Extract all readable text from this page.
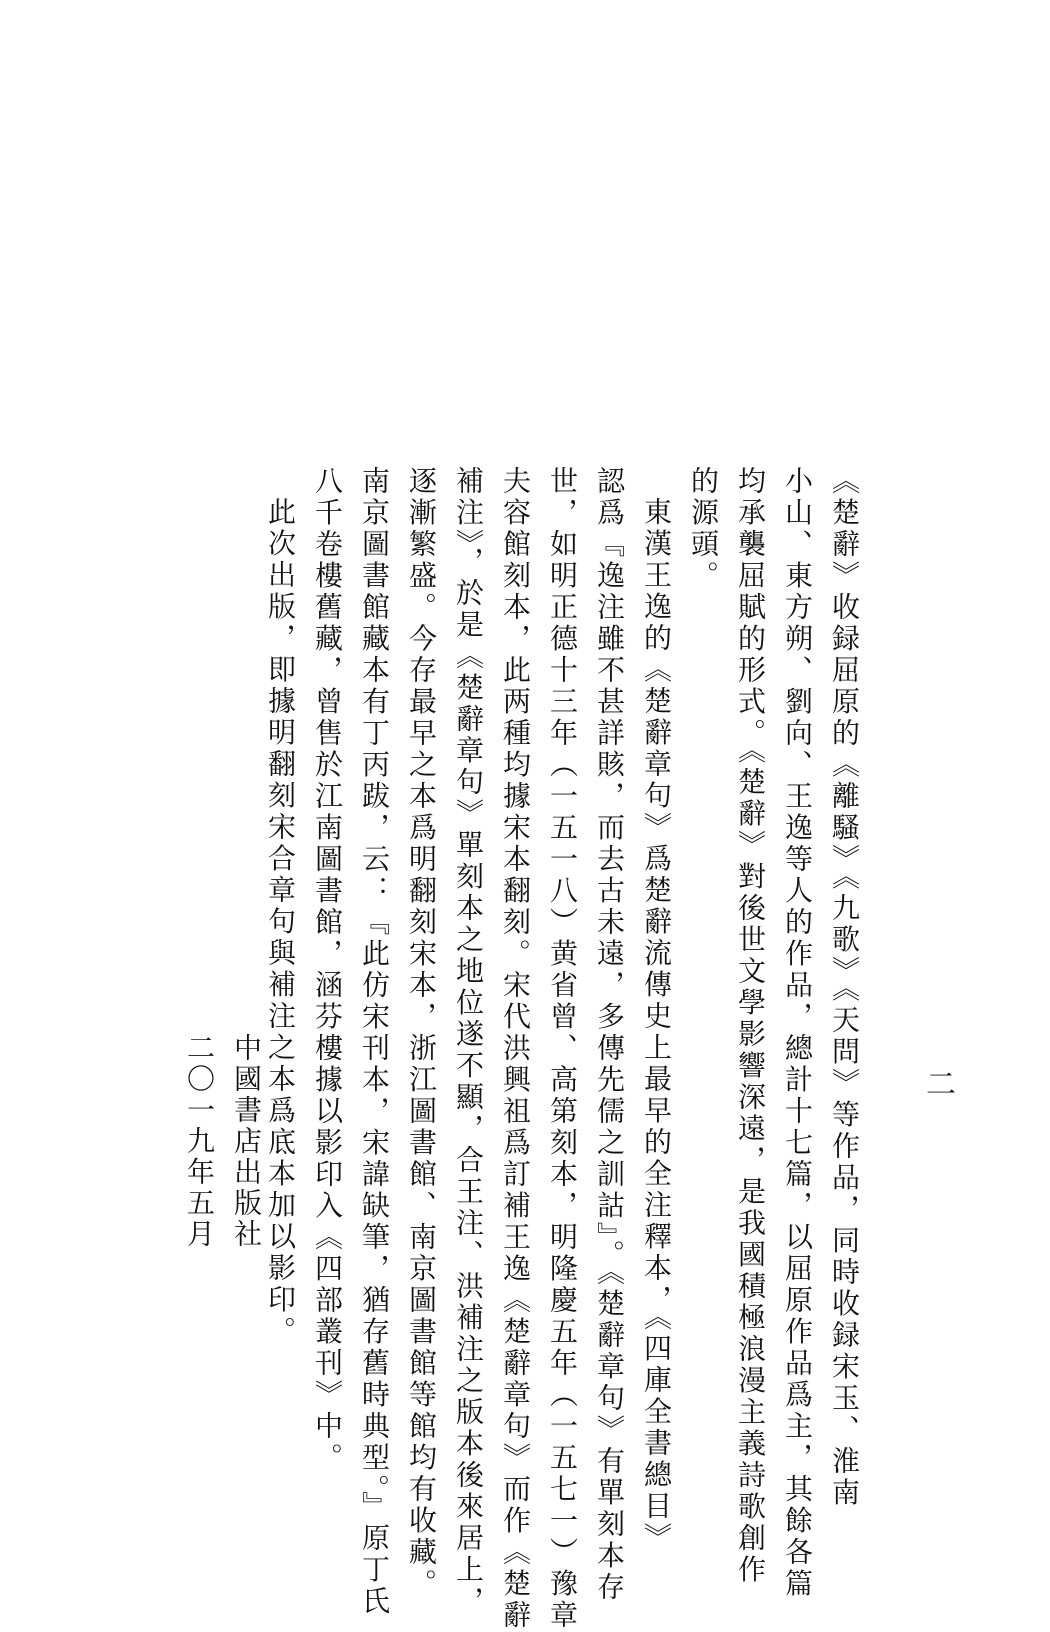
二
《楚辭》收録屈原的《離騷》《九歌》《天問》等作品，同時收録宋玉、淮南
小山、東方朔、劉向、王逸等人的作品，總計十七篇，以屈原作品爲主，其餘各篇
均承襲屈賦的形式。《楚辭》對後世文學影響深遠，是我國積極浪漫主義詩歌創作
的源頭。
東漢王逸的《楚辭章句》爲楚辭流傳史上最早的全注釋本，《四庫全書總目》
認爲『逸注雖不甚詳賅，而去古未遠，多傳先儒之訓詁』。《楚辭章句》有單刻本存
世，如明正德十三年（一五一八）黄省曾、高第刻本，明隆慶五年（一五七一）豫章
夫容館刻本，此两種均據宋本翻刻。宋代洪興祖爲訂補王逸《楚辭章句》而作《楚辭
補注》，於是《楚辭章句》單刻本之地位遂不顯，合王注、洪補注之版本後來居上，
逐漸繁盛。今存最早之本爲明翻刻宋本，浙江圖書館、南京圖書館等館均有收藏。
南京圖書館藏本有丁丙跋，云：『此仿宋刊本，宋諱缺筆，猶存舊時典型。』原丁氏
八千卷樓舊藏，曾售於江南圖書館，涵芬樓據以影印入《四部叢刊》中。
此次出版，即據明翻刻宋合章句與補注之本爲底本加以影印。
中國書店出版社
二〇一九年五月
